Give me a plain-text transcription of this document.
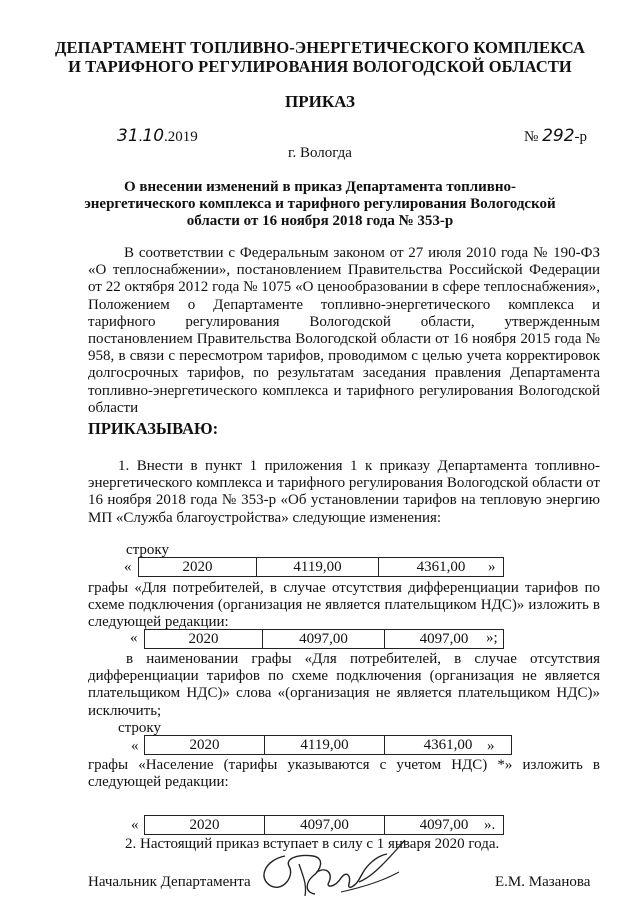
ДЕПАРТАМЕНТ ТОПЛИВНО-ЭНЕРГЕТИЧЕСКОГО КОМПЛЕКСА
И ТАРИФНОГО РЕГУЛИРОВАНИЯ ВОЛОГОДСКОЙ ОБЛАСТИ
ПРИКАЗ
31.10.2019	№ 292-р
г. Вологда
О внесении изменений в приказ Департамента топливно-
энергетического комплекса и тарифного регулирования Вологодской
области от 16 ноября 2018 года № 353-р
В соответствии с Федеральным законом от 27 июля 2010 года № 190-ФЗ «О теплоснабжении», постановлением Правительства Российской Федерации от 22 октября 2012 года № 1075 «О ценообразовании в сфере теплоснабжения», Положением о Департаменте топливно-энергетического комплекса и тарифного регулирования Вологодской области, утвержденным постановлением Правительства Вологодской области от 16 ноября 2015 года № 958, в связи с пересмотром тарифов, проводимом с целью учета корректировок долгосрочных тарифов, по результатам заседания правления Департамента топливно-энергетического комплекса и тарифного регулирования Вологодской области
ПРИКАЗЫВАЮ:
1. Внести в пункт 1 приложения 1 к приказу Департамента топливно-энергетического комплекса и тарифного регулирования Вологодской области от 16 ноября 2018 года № 353-р «Об установлении тарифов на тепловую энергию МП «Служба благоустройства» следующие изменения:
строку
«	2020	4119,00	4361,00	»
графы «Для потребителей, в случае отсутствия дифференциации тарифов по схеме подключения (организация не является плательщиком НДС)» изложить в следующей редакции:
«	2020	4097,00	4097,00	»;
в наименовании графы «Для потребителей, в случае отсутствия дифференциации тарифов по схеме подключения (организация не является плательщиком НДС)» слова «(организация не является плательщиком НДС)» исключить;
строку
«	2020	4119,00	4361,00 »
графы «Население (тарифы указываются с учетом НДС) *» изложить в следующей редакции:
«	2020	4097,00	4097,00	».
2. Настоящий приказ вступает в силу с 1 января 2020 года.
Начальник Департамента	Е.М. Мазанова
